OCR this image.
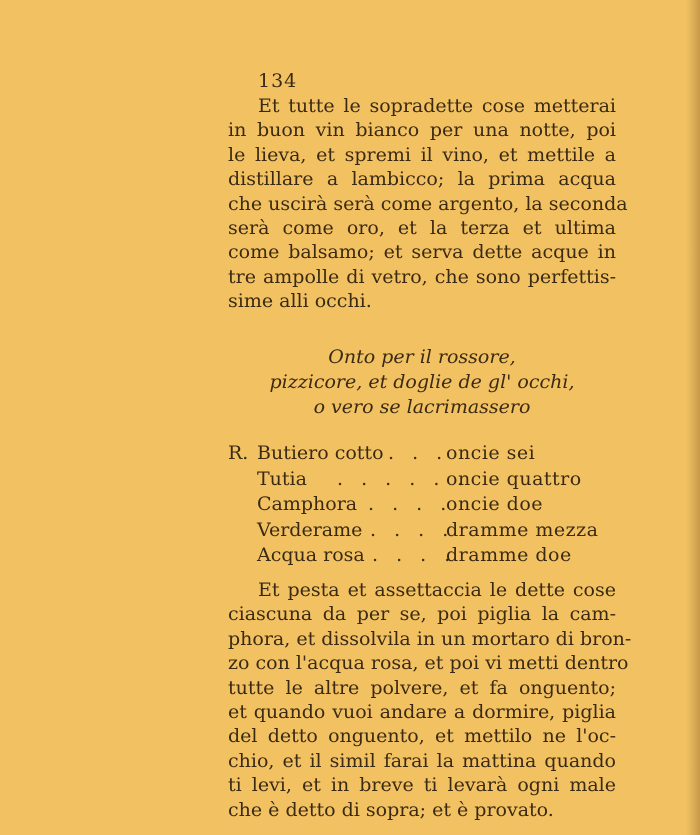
134
Et tutte le sopradette cose metterai
in buon vin bianco per una notte, poi
le lieva, et spremi il vino, et mettile a
distillare a lambicco; la prima acqua
che uscirà serà come argento, la seconda
serà come oro, et la terza et ultima
come balsamo; et serva dette acque in
tre ampolle di vetro, che sono perfettis-
sime alli occhi.
Onto per il rossore,
pizzicore, et doglie de gl' occhi,
o vero se lacrimassero
R. Butiero cotto . . .
oncie sei
Tutia . . . . . .
oncie quattro
Camphora . . . .
oncie doe
Verderame . . . .
dramme mezza
Acqua rosa . . . .
dramme doe
Et pesta et assettaccia le dette cose
ciascuna da per se, poi piglia la cam-
phora, et dissolvila in un mortaro di bron-
zo con l'acqua rosa, et poi vi metti dentro
tutte le altre polvere, et fa onguento;
et quando vuoi andare a dormire, piglia
del detto onguento, et mettilo ne l'oc-
chio, et il simil farai la mattina quando
ti levi, et in breve ti levarà ogni male
che è detto di sopra; et è provato.
